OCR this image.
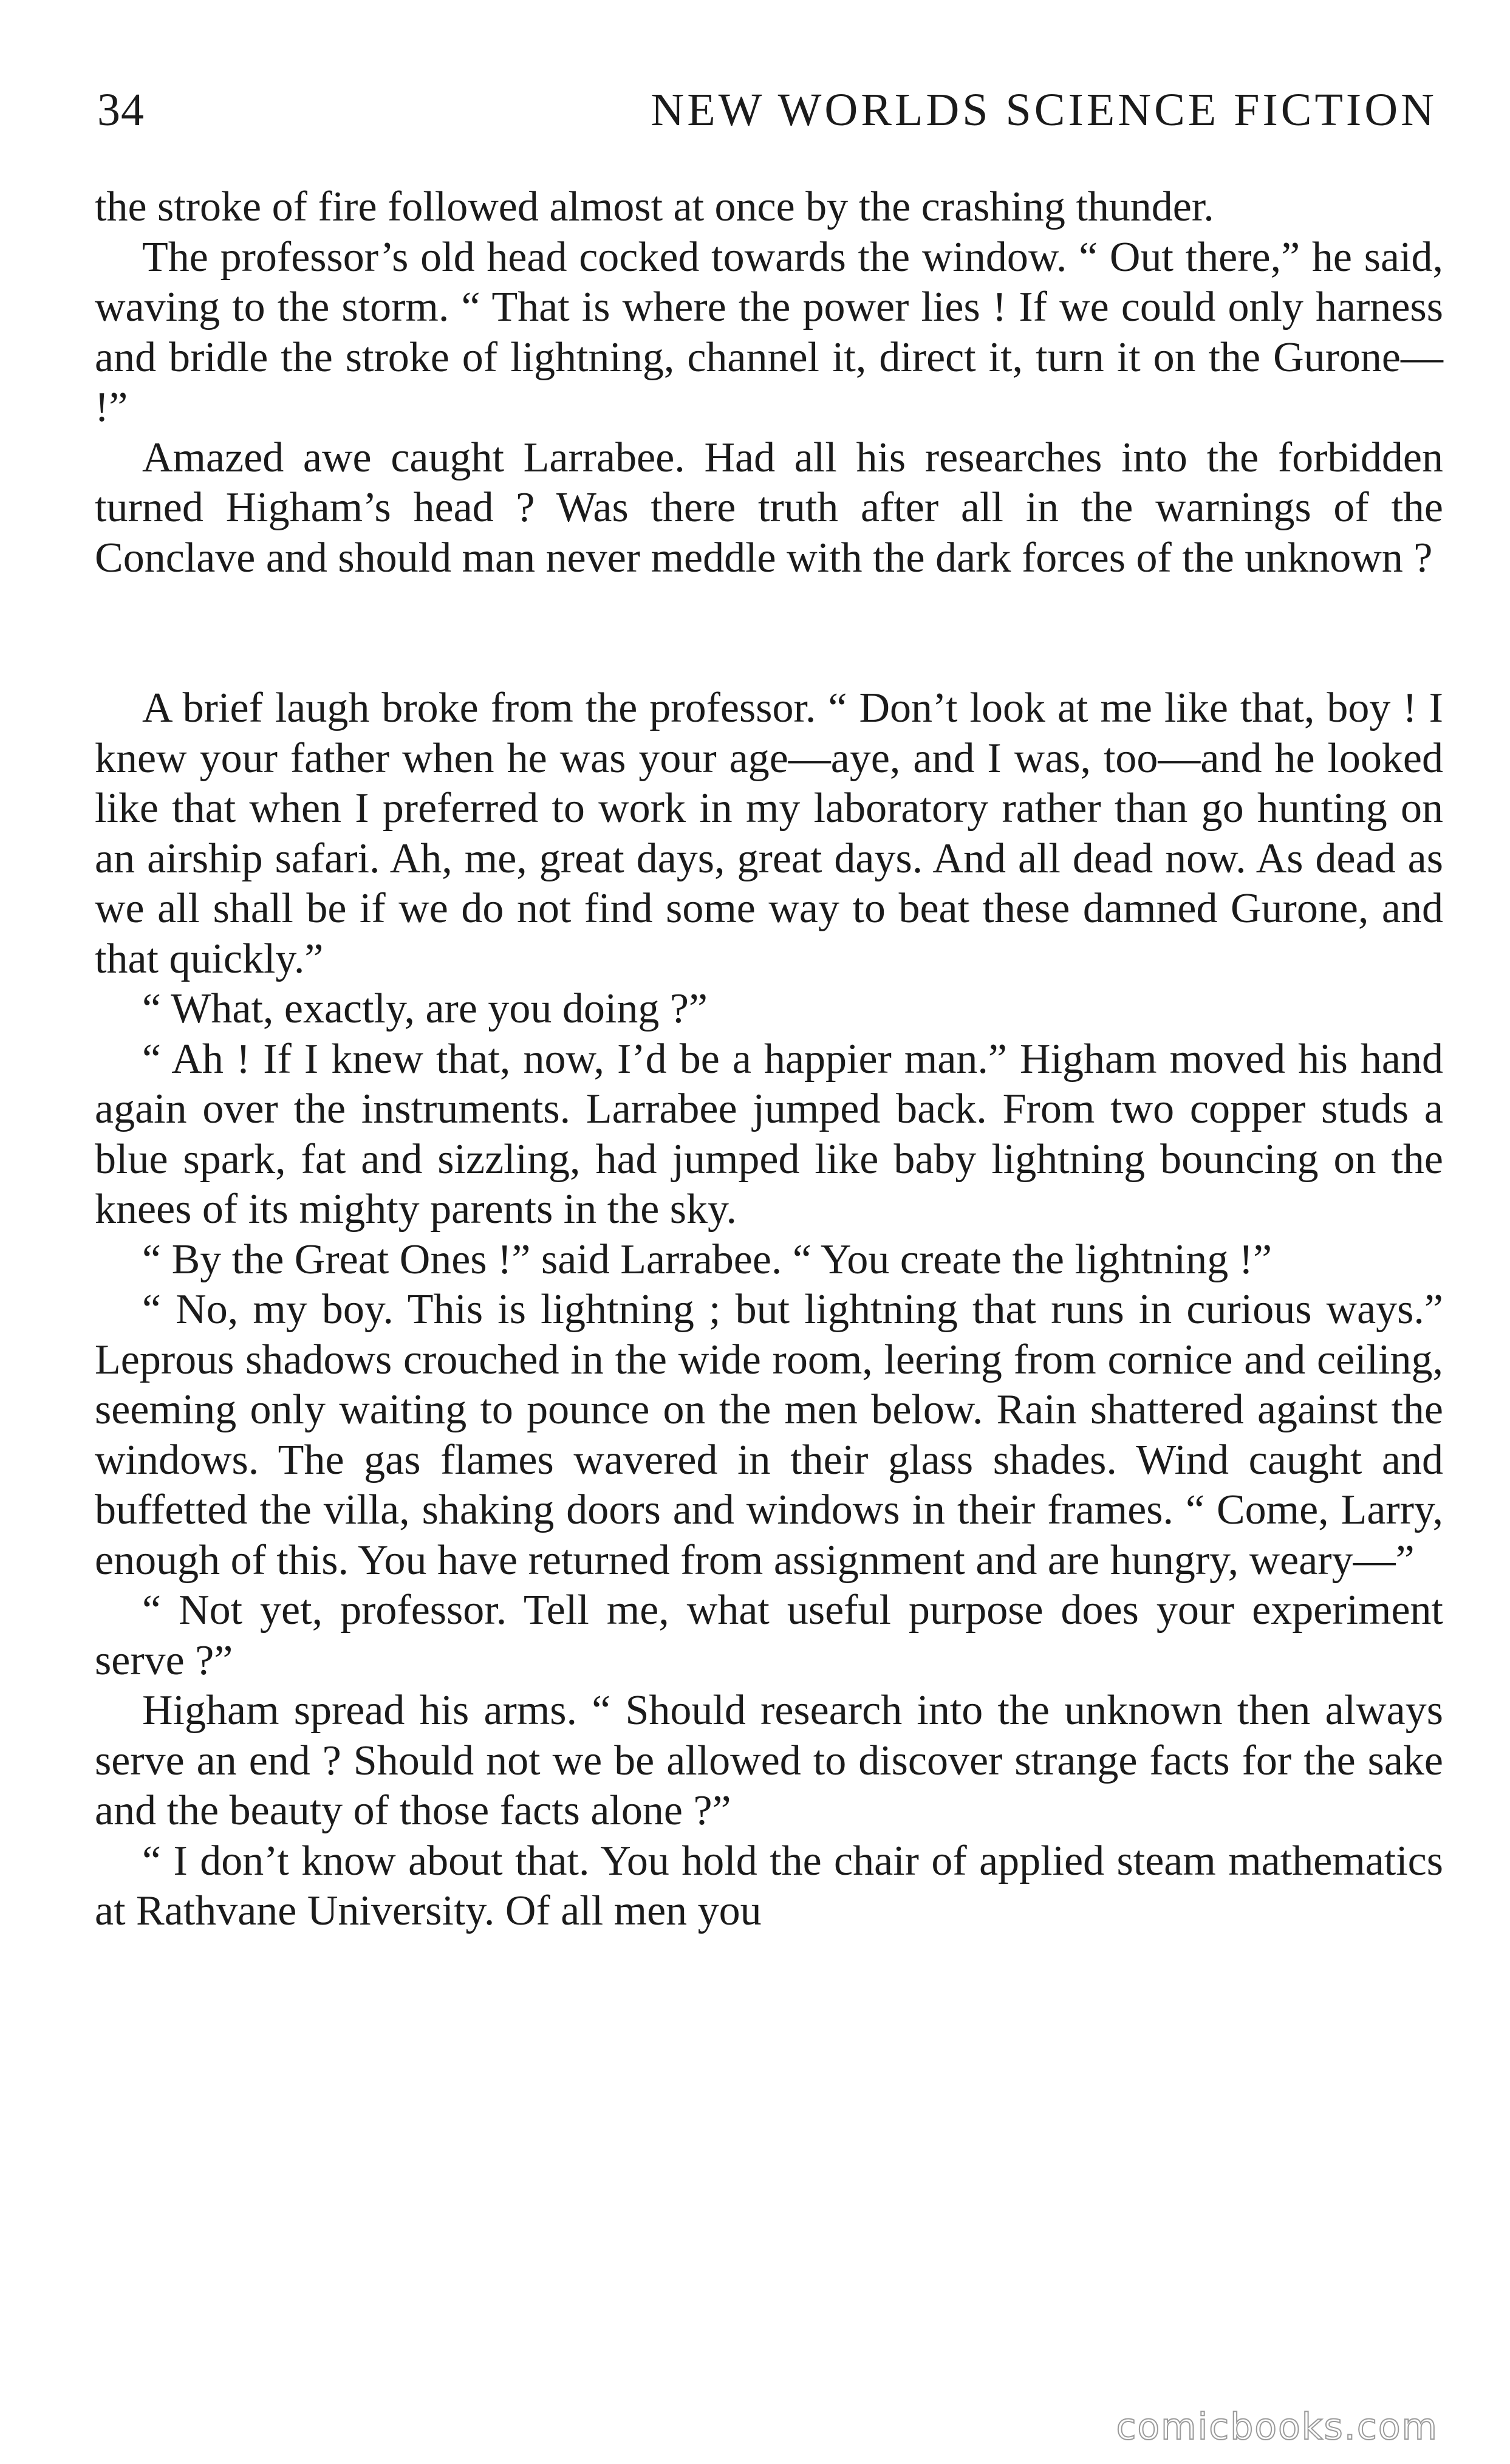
34	NEW WORLDS SCIENCE FICTION

the stroke of fire followed almost at once by the crashing thunder.

The professor’s old head cocked towards the window. “ Out there,” he said, waving to the storm. “ That is where the power lies ! If we could only harness and bridle the stroke of lightning, channel it, direct it, turn it on the Gurone— !”

Amazed awe caught Larrabee. Had all his researches into the forbidden turned Higham’s head ? Was there truth after all in the warnings of the Conclave and should man never meddle with the dark forces of the unknown ?

A brief laugh broke from the professor. “ Don’t look at me like that, boy ! I knew your father when he was your age—aye, and I was, too—and he looked like that when I preferred to work in my laboratory rather than go hunting on an airship safari. Ah, me, great days, great days. And all dead now. As dead as we all shall be if we do not find some way to beat these damned Gurone, and that quickly.”

“ What, exactly, are you doing ?”

“ Ah ! If I knew that, now, I’d be a happier man.” Higham moved his hand again over the instruments. Larrabee jumped back. From two copper studs a blue spark, fat and sizzling, had jumped like baby lightning bouncing on the knees of its mighty parents in the sky.

“ By the Great Ones !” said Larrabee. “ You create the lightning !”

“ No, my boy. This is lightning ; but lightning that runs in curious ways.” Leprous shadows crouched in the wide room, leering from cornice and ceiling, seeming only waiting to pounce on the men below. Rain shattered against the windows. The gas flames wavered in their glass shades. Wind caught and buffetted the villa, shaking doors and windows in their frames. “ Come, Larry, enough of this. You have returned from assignment and are hungry, weary—”

“ Not yet, professor. Tell me, what useful purpose does your experiment serve ?”

Higham spread his arms. “ Should research into the unknown then always serve an end ? Should not we be allowed to discover strange facts for the sake and the beauty of those facts alone ?”

“ I don’t know about that. You hold the chair of applied steam mathematics at Rathvane University. Of all men you

comicbooks.com
